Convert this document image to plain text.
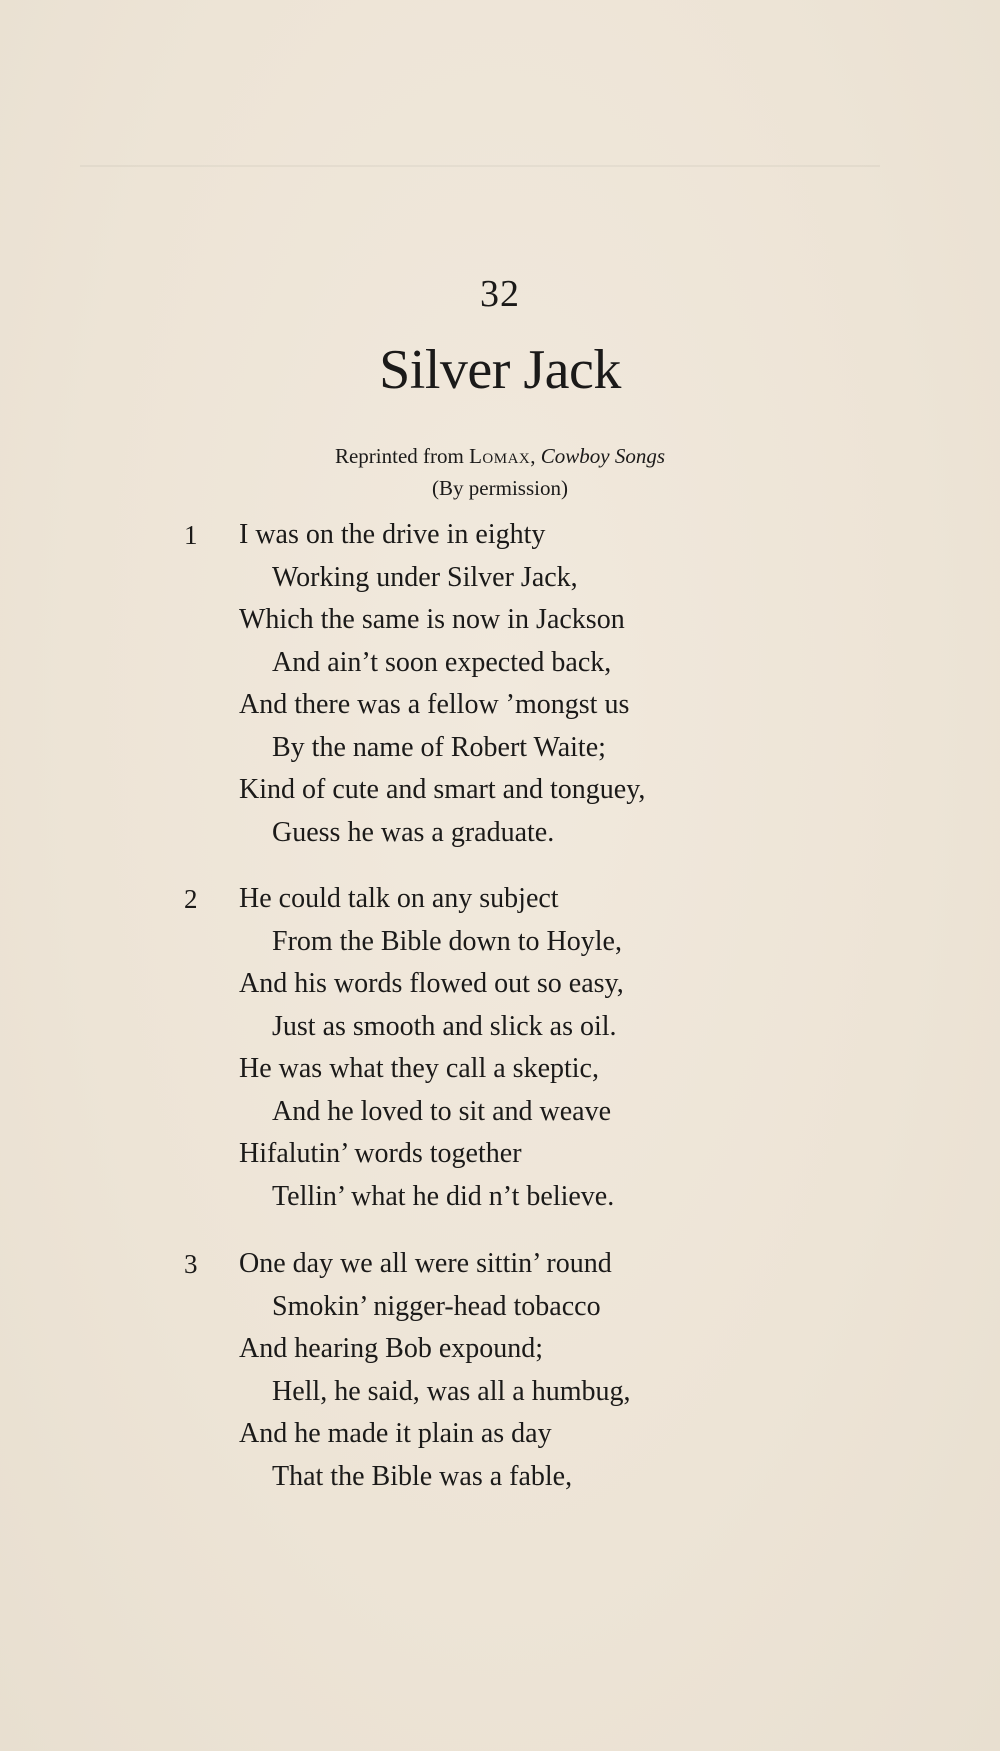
32
Silver Jack
Reprinted from Lomax, Cowboy Songs
(By permission)
1	I was on the drive in eighty
Working under Silver Jack,
Which the same is now in Jackson
And ain’t soon expected back,
And there was a fellow ’mongst us
By the name of Robert Waite;
Kind of cute and smart and tonguey,
Guess he was a graduate.
2	He could talk on any subject
From the Bible down to Hoyle,
And his words flowed out so easy,
Just as smooth and slick as oil.
He was what they call a skeptic,
And he loved to sit and weave
Hifalutin’ words together
Tellin’ what he did n’t believe.
3	One day we all were sittin’ round
Smokin’ nigger-head tobacco
And hearing Bob expound;
Hell, he said, was all a humbug,
And he made it plain as day
That the Bible was a fable,
